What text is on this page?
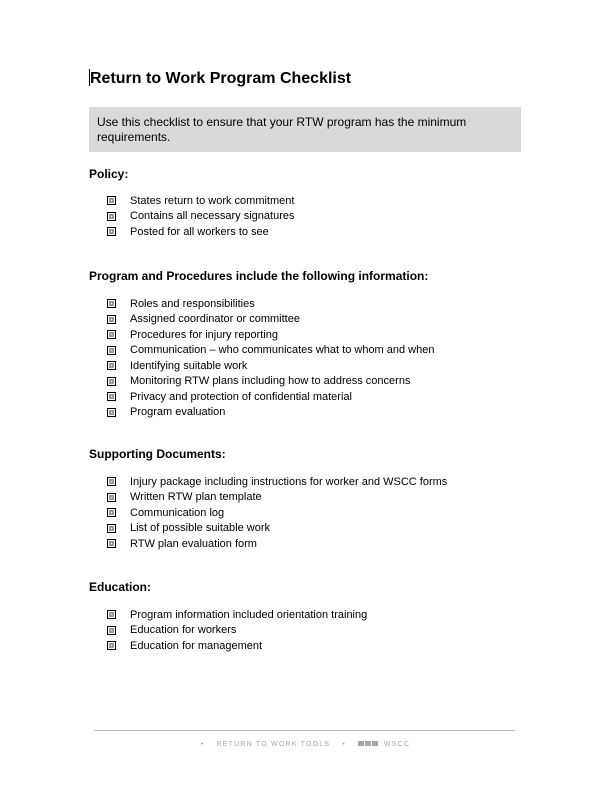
Return to Work Program Checklist
Use this checklist to ensure that your RTW program has the minimum requirements.
Policy:
States return to work commitment
Contains all necessary signatures
Posted for all workers to see
Program and Procedures include the following information:
Roles and responsibilities
Assigned coordinator or committee
Procedures for injury reporting
Communication – who communicates what to whom and when
Identifying suitable work
Monitoring RTW plans including how to address concerns
Privacy and protection of confidential material
Program evaluation
Supporting Documents:
Injury package including instructions for worker and WSCC forms
Written RTW plan template
Communication log
List of possible suitable work
RTW plan evaluation form
Education:
Program information included orientation training
Education for workers
Education for management
• RETURN TO WORK TOOLS •	WSCC
